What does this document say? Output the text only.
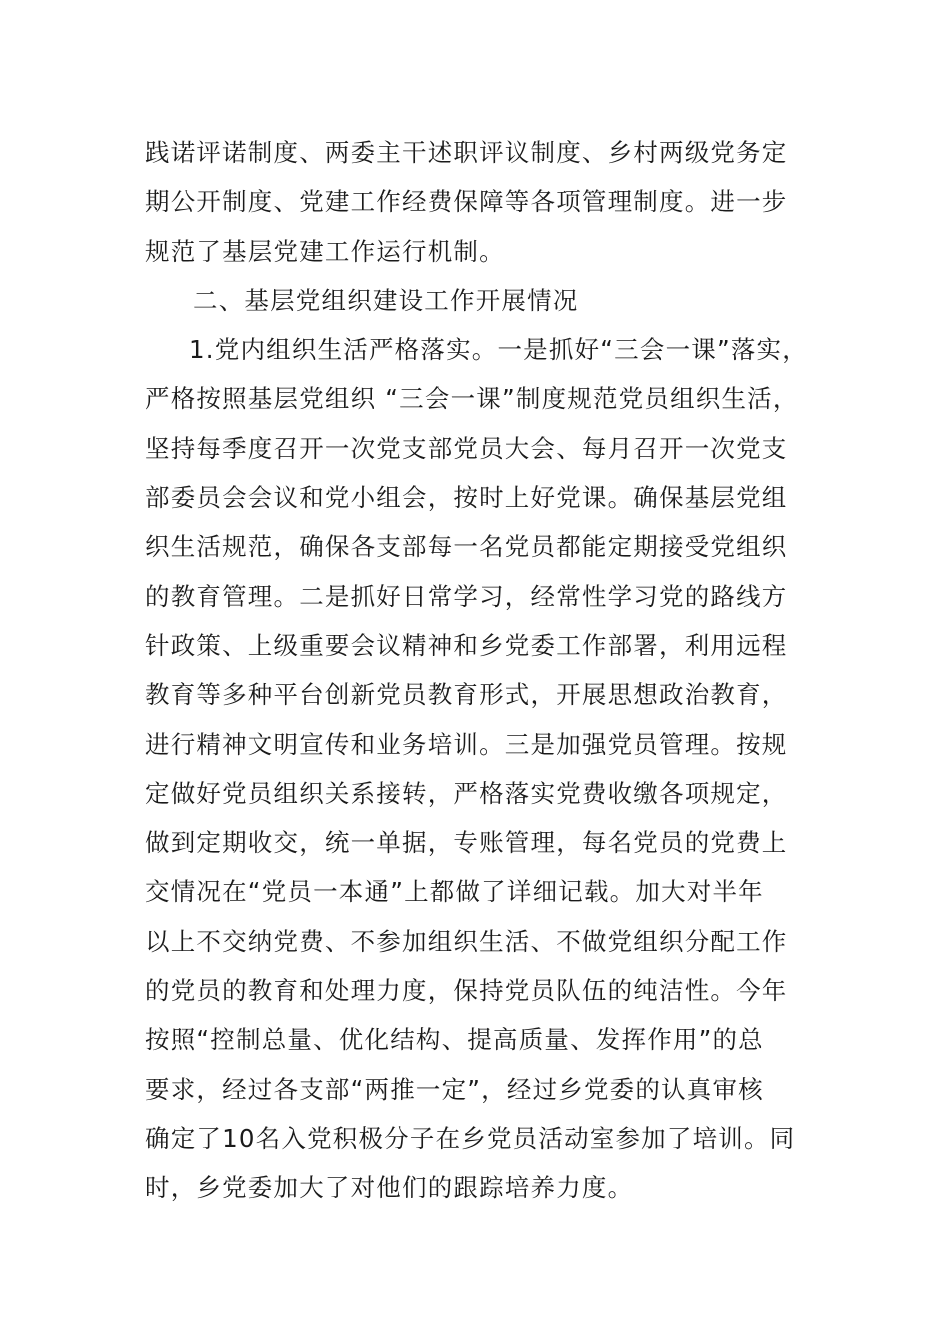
践诺评诺制度、两委主干述职评议制度、乡村两级党务定
期公开制度、党建工作经费保障等各项管理制度。进一步
规范了基层党建工作运行机制。
二、基层党组织建设工作开展情况
1.党内组织生活严格落实。一是抓好“三会一课”落实，
严格按照基层党组织 “三会一课”制度规范党员组织生活，
坚持每季度召开一次党支部党员大会、每月召开一次党支
部委员会会议和党小组会，按时上好党课。确保基层党组
织生活规范，确保各支部每一名党员都能定期接受党组织
的教育管理。二是抓好日常学习，经常性学习党的路线方
针政策、上级重要会议精神和乡党委工作部署，利用远程
教育等多种平台创新党员教育形式，开展思想政治教育，
进行精神文明宣传和业务培训。三是加强党员管理。按规
定做好党员组织关系接转，严格落实党费收缴各项规定，
做到定期收交，统一单据，专账管理，每名党员的党费上
交情况在“党员一本通”上都做了详细记载。加大对半年
以上不交纳党费、不参加组织生活、不做党组织分配工作
的党员的教育和处理力度，保持党员队伍的纯洁性。今年
按照“控制总量、优化结构、提高质量、发挥作用”的总
要求，经过各支部“两推一定”，经过乡党委的认真审核
确定了10名入党积极分子在乡党员活动室参加了培训。同
时，乡党委加大了对他们的跟踪培养力度。
